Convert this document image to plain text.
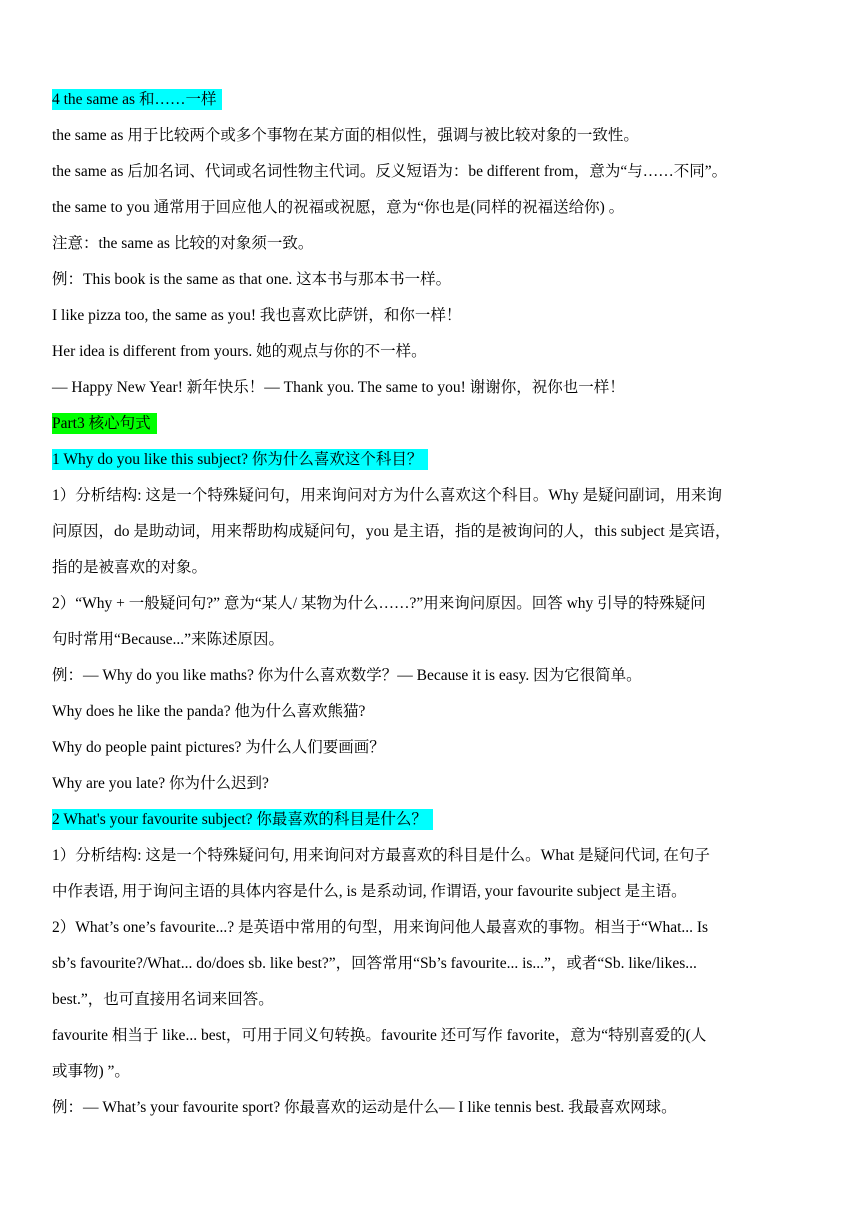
4 the same as 和……一样
the same as 用于比较两个或多个事物在某方面的相似性，强调与被比较对象的一致性。
the same as 后加名词、代词或名词性物主代词。反义短语为：be different from，意为“与……不同”。
the same to you 通常用于回应他人的祝福或祝愿，意为“你也是(同样的祝福送给你) 。
注意：the same as 比较的对象须一致。
例：This book is the same as that one. 这本书与那本书一样。
I like pizza too, the same as you! 我也喜欢比萨饼，和你一样！
Her idea is different from yours. 她的观点与你的不一样。
— Happy New Year! 新年快乐！— Thank you. The same to you! 谢谢你，祝你也一样！
Part3 核心句式
1 Why do you like this subject? 你为什么喜欢这个科目？
1）分析结构: 这是一个特殊疑问句，用来询问对方为什么喜欢这个科目。Why 是疑问副词，用来询
问原因，do 是助动词，用来帮助构成疑问句，you 是主语，指的是被询问的人，this subject 是宾语，
指的是被喜欢的对象。
2）“Why + 一般疑问句?” 意为“某人/ 某物为什么……?”用来询问原因。回答 why 引导的特殊疑问
句时常用“Because...”来陈述原因。
例：— Why do you like maths? 你为什么喜欢数学？— Because it is easy. 因为它很简单。
Why does he like the panda? 他为什么喜欢熊猫?
Why do people paint pictures? 为什么人们要画画？
Why are you late? 你为什么迟到?
2 What's your favourite subject? 你最喜欢的科目是什么？
1）分析结构: 这是一个特殊疑问句, 用来询问对方最喜欢的科目是什么。What 是疑问代词, 在句子
中作表语, 用于询问主语的具体内容是什么, is 是系动词, 作谓语, your favourite subject 是主语。
2）What’s one’s favourite...? 是英语中常用的句型，用来询问他人最喜欢的事物。相当于“What... Is
sb’s favourite?/What... do/does sb. like best?”，回答常用“Sb’s favourite... is...”，或者“Sb. like/likes...
best.”，也可直接用名词来回答。
favourite 相当于 like... best，可用于同义句转换。favourite 还可写作 favorite，意为“特别喜爱的(人
或事物) ”。
例：— What’s your favourite sport? 你最喜欢的运动是什么— I like tennis best. 我最喜欢网球。
